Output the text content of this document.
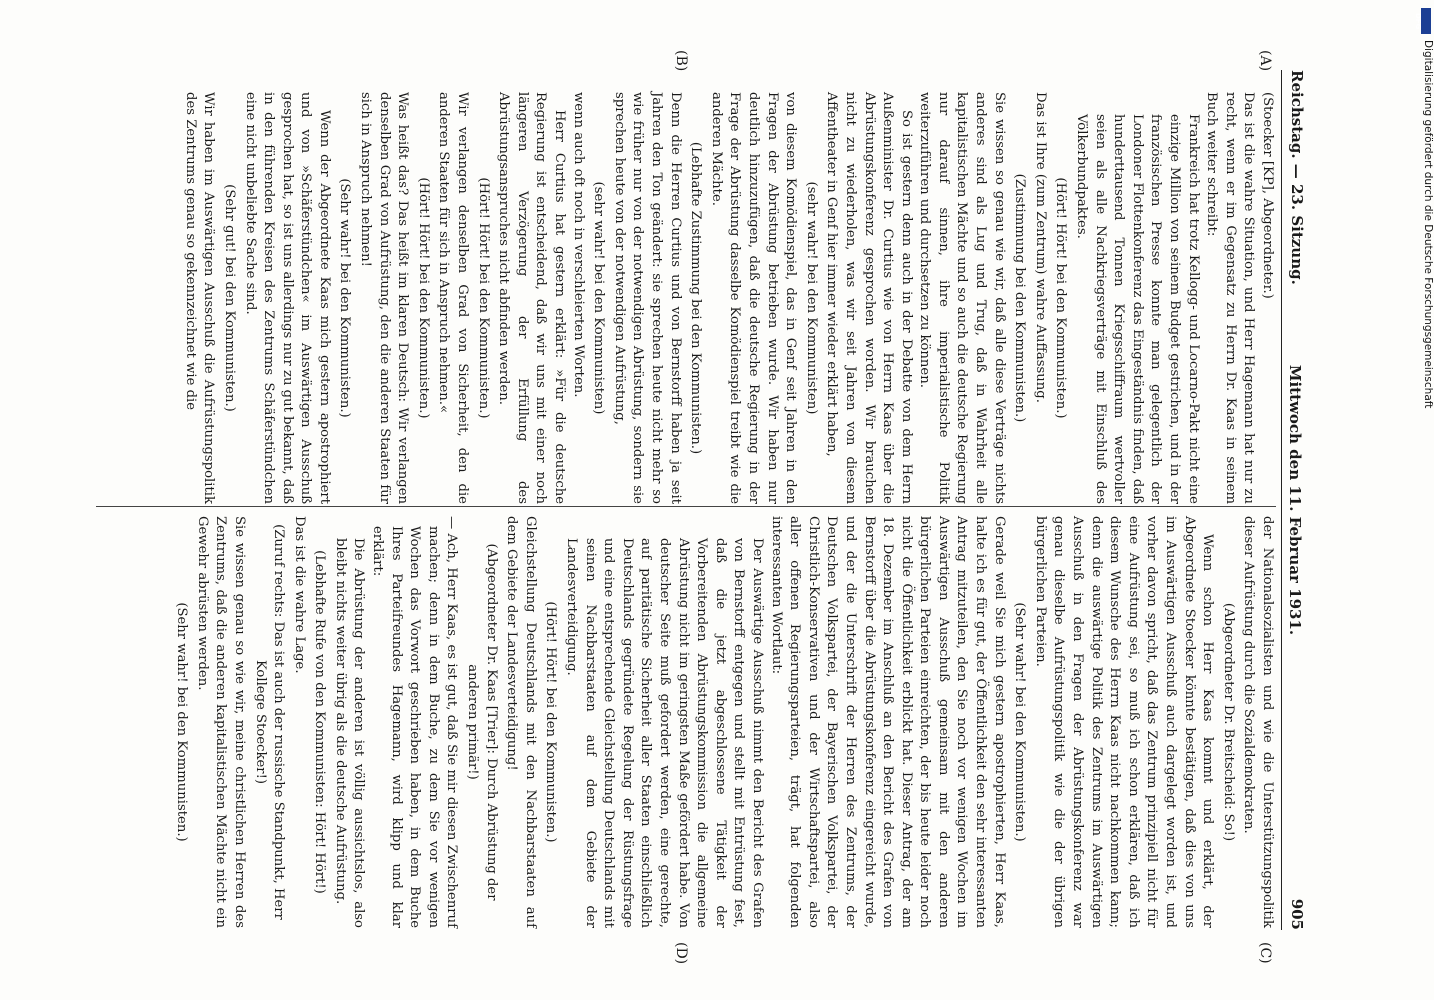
Reichstag. — 23. Sitzung.
Mittwoch den 11. Februar 1931.
905
(A)
(B)
(C)
(D)

(Stoecker [KP], Abgeordneter.)

Das ist die wahre Situation, und Herr Hagemann hat nur zu recht, wenn er im Gegensatz zu Herrn Dr. Kaas in seinem Buch weiter schreibt:

Frankreich hat trotz Kellogg- und Locarno-Pakt nicht eine einzige Million von seinem Budget gestrichen, und in der französischen Presse konnte man gelegentlich der Londoner Flottenkonferenz das Eingeständnis finden, daß hunderttausend Tonnen Kriegsschiffraum wertvoller seien als alle Nachkriegsverträge mit Einschluß des Völkerbundpaktes.

(Hört! Hört! bei den Kommunisten.)

Das ist Ihre (zum Zentrum) wahre Auffassung.

(Zustimmung bei den Kommunisten.)

Sie wissen so genau wie wir, daß alle diese Verträge nichts anderes sind als Lug und Trug, daß in Wahrheit alle kapitalistischen Mächte und so auch die deutsche Regierung nur darauf sinnen, ihre imperialistische Politik weiterzuführen und durchsetzen zu können.

So ist gestern denn auch in der Debatte von dem Herrn Außenminister Dr. Curtius wie von Herrn Kaas über die Abrüstungskonferenz gesprochen worden. Wir brauchen nicht zu wiederholen, was wir seit Jahren von diesem Affentheater in Genf hier immer wieder erklärt haben,

(sehr wahr! bei den Kommunisten)

von diesem Komödienspiel, das in Genf seit Jahren in den Fragen der Abrüstung betrieben wurde. Wir haben nur deutlich hinzuzufügen, daß die deutsche Regierung in der Frage der Abrüstung dasselbe Komödienspiel treibt wie die anderen Mächte.

(Lebhafte Zustimmung bei den Kommunisten.)

Denn die Herren Curtius und von Bernstorff haben ja seit Jahren den Ton geändert: sie sprechen heute nicht mehr so wie früher nur von der notwendigen Abrüstung, sondern sie sprechen heute von der notwendigen Aufrüstung,

(sehr wahr! bei den Kommunisten)

wenn auch oft noch in verschleierten Worten.

Herr Curtius hat gestern erklärt: »Für die deutsche Regierung ist entscheidend, daß wir uns mit einer noch längeren Verzögerung der Erfüllung des Abrüstungsanspruches nicht abfinden werden.

(Hört! Hört! bei den Kommunisten.)

Wir verlangen denselben Grad von Sicherheit, den die anderen Staaten für sich in Anspruch nehmen.«

(Hört! Hört! bei den Kommunisten.)

Was heißt das? Das heißt im klaren Deutsch: Wir verlangen denselben Grad von Aufrüstung, den die anderen Staaten für sich in Anspruch nehmen!

(Sehr wahr! bei den Kommunisten.)

Wenn der Abgeordnete Kaas mich gestern apostrophiert und von »Schäferstündchen« im Auswärtigen Ausschuß gesprochen hat, so ist uns allerdings nur zu gut bekannt, daß in den führenden Kreisen des Zentrums Schäferstündchen eine nicht unbeliebte Sache sind.

(Sehr gut! bei den Kommunisten.)

Wir haben im Auswärtigen Ausschuß die Aufrüstungspolitik des Zentrums genau so gekennzeichnet wie die

der Nationalsozialisten und wie die Unterstützungspolitik dieser Aufrüstung durch die Sozialdemokraten.

(Abgeordneter Dr. Breitscheid: So!)

Wenn schon Herr Kaas kommt und erklärt, der Abgeordnete Stoecker könnte bestätigen, daß dies von uns im Auswärtigen Ausschuß auch dargelegt worden ist, und vorher davon spricht, daß das Zentrum prinzipiell nicht für eine Aufrüstung sei, so muß ich schon erklären, daß ich diesem Wunsche des Herrn Kaas nicht nachkommen kann; denn die auswärtige Politik des Zentrums im Auswärtigen Ausschuß in den Fragen der Abrüstungskonferenz war genau dieselbe Aufrüstungspolitik wie die der übrigen bürgerlichen Parteien.

(Sehr wahr! bei den Kommunisten.)

Gerade weil Sie mich gestern apostrophierten, Herr Kaas, halte ich es für gut, der Öffentlichkeit den sehr interessanten Antrag mitzuteilen, den Sie noch vor wenigen Wochen im Auswärtigen Ausschuß gemeinsam mit den anderen bürgerlichen Parteien einreichten, der bis heute leider noch nicht die Öffentlichkeit erblickt hat. Dieser Antrag, der am 18. Dezember im Anschluß an den Bericht des Grafen von Bernstorff über die Abrüstungskonferenz eingereicht wurde, und der die Unterschrift der Herren des Zentrums, der Deutschen Volkspartei, der Bayerischen Volkspartei, der Christlich-Konservativen und der Wirtschaftspartei, also aller offenen Regierungsparteien, trägt, hat folgenden interessanten Wortlaut:

Der Auswärtige Ausschuß nimmt den Bericht des Grafen von Bernstorff entgegen und stellt mit Entrüstung fest, daß die jetzt abgeschlossene Tätigkeit der Vorbereitenden Abrüstungskommission die allgemeine Abrüstung nicht im geringsten Maße gefördert habe. Von deutscher Seite muß gefordert werden, eine gerechte, auf paritätische Sicherheit aller Staaten einschließlich Deutschlands gegründete Regelung der Rüstungsfrage und eine entsprechende Gleichstellung Deutschlands mit seinen Nachbarstaaten auf dem Gebiete der Landesverteidigung.

(Hört! Hört! bei den Kommunisten.)

Gleichstellung Deutschlands mit den Nachbarstaaten auf dem Gebiete der Landesverteidigung!

(Abgeordneter Dr. Kaas [Trier]: Durch Abrüstung der anderen primär!)

— Ach, Herr Kaas, es ist gut, daß Sie mir diesen Zwischenruf machen; denn in dem Buche, zu dem Sie vor wenigen Wochen das Vorwort geschrieben haben, in dem Buche Ihres Parteifreundes Hagemann, wird klipp und klar erklärt:

Die Abrüstung der anderen ist völlig aussichtslos, also bleibt nichts weiter übrig als die deutsche Aufrüstung.

(Lebhafte Rufe von den Kommunisten: Hört! Hört!)

Das ist die wahre Lage.

(Zuruf rechts: Das ist auch der russische Standpunkt, Herr Kollege Stoecker!)

Sie wissen genau so wie wir, meine christlichen Herren des Zentrums, daß die anderen kapitalistischen Mächte nicht ein Gewehr abrüsten werden.

(Sehr wahr! bei den Kommunisten.)

DFG
Digitalisierung gefördert durch die Deutsche Forschungsgemeinschaft
